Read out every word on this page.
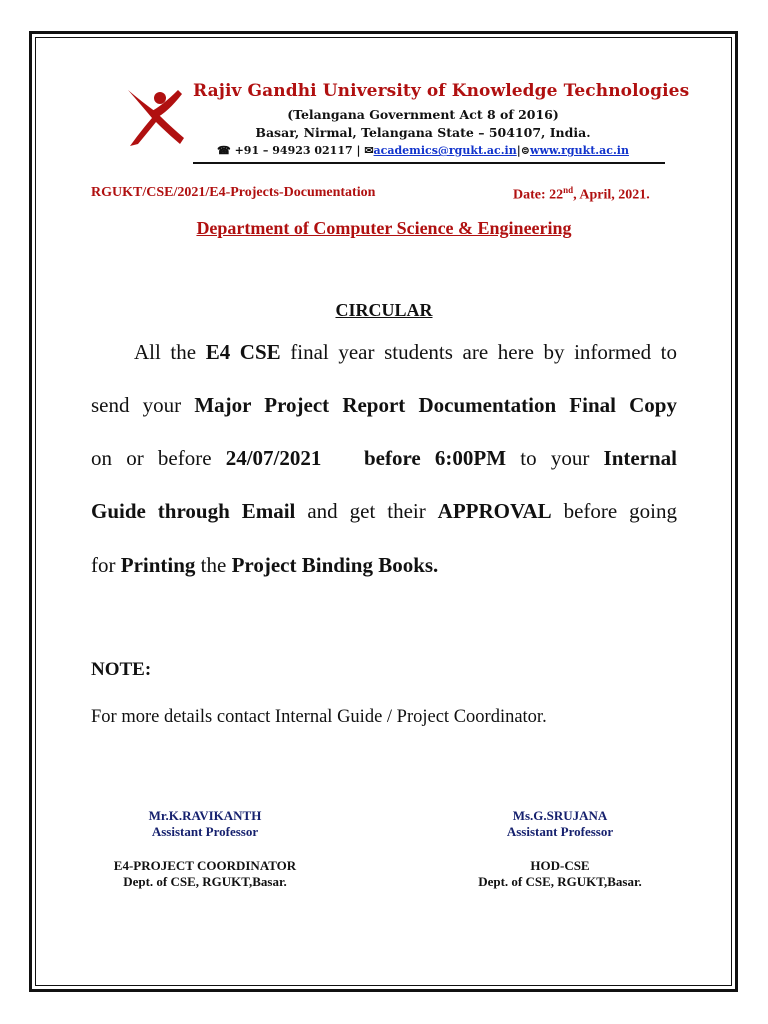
Rajiv Gandhi University of Knowledge Technologies
(Telangana Government Act 8 of 2016)
Basar, Nirmal, Telangana State – 504107, India.
☎ +91 – 94923 02117 | ✉academics@rgukt.ac.in|⊜www.rgukt.ac.in
RGUKT/CSE/2021/E4-Projects-Documentation	Date: 22nd, April, 2021.
Department of Computer Science & Engineering
CIRCULAR
All the E4 CSE final year students are here by informed to
send your Major Project Report Documentation Final Copy
on or before 24/07/2021 before 6:00PM to your Internal
Guide through Email and get their APPROVAL before going
for Printing the Project Binding Books.
NOTE:
For more details contact Internal Guide / Project Coordinator.
Mr.K.RAVIKANTH
Assistant Professor
E4-PROJECT COORDINATOR
Dept. of CSE, RGUKT,Basar.
Ms.G.SRUJANA
Assistant Professor
HOD-CSE
Dept. of CSE, RGUKT,Basar.
